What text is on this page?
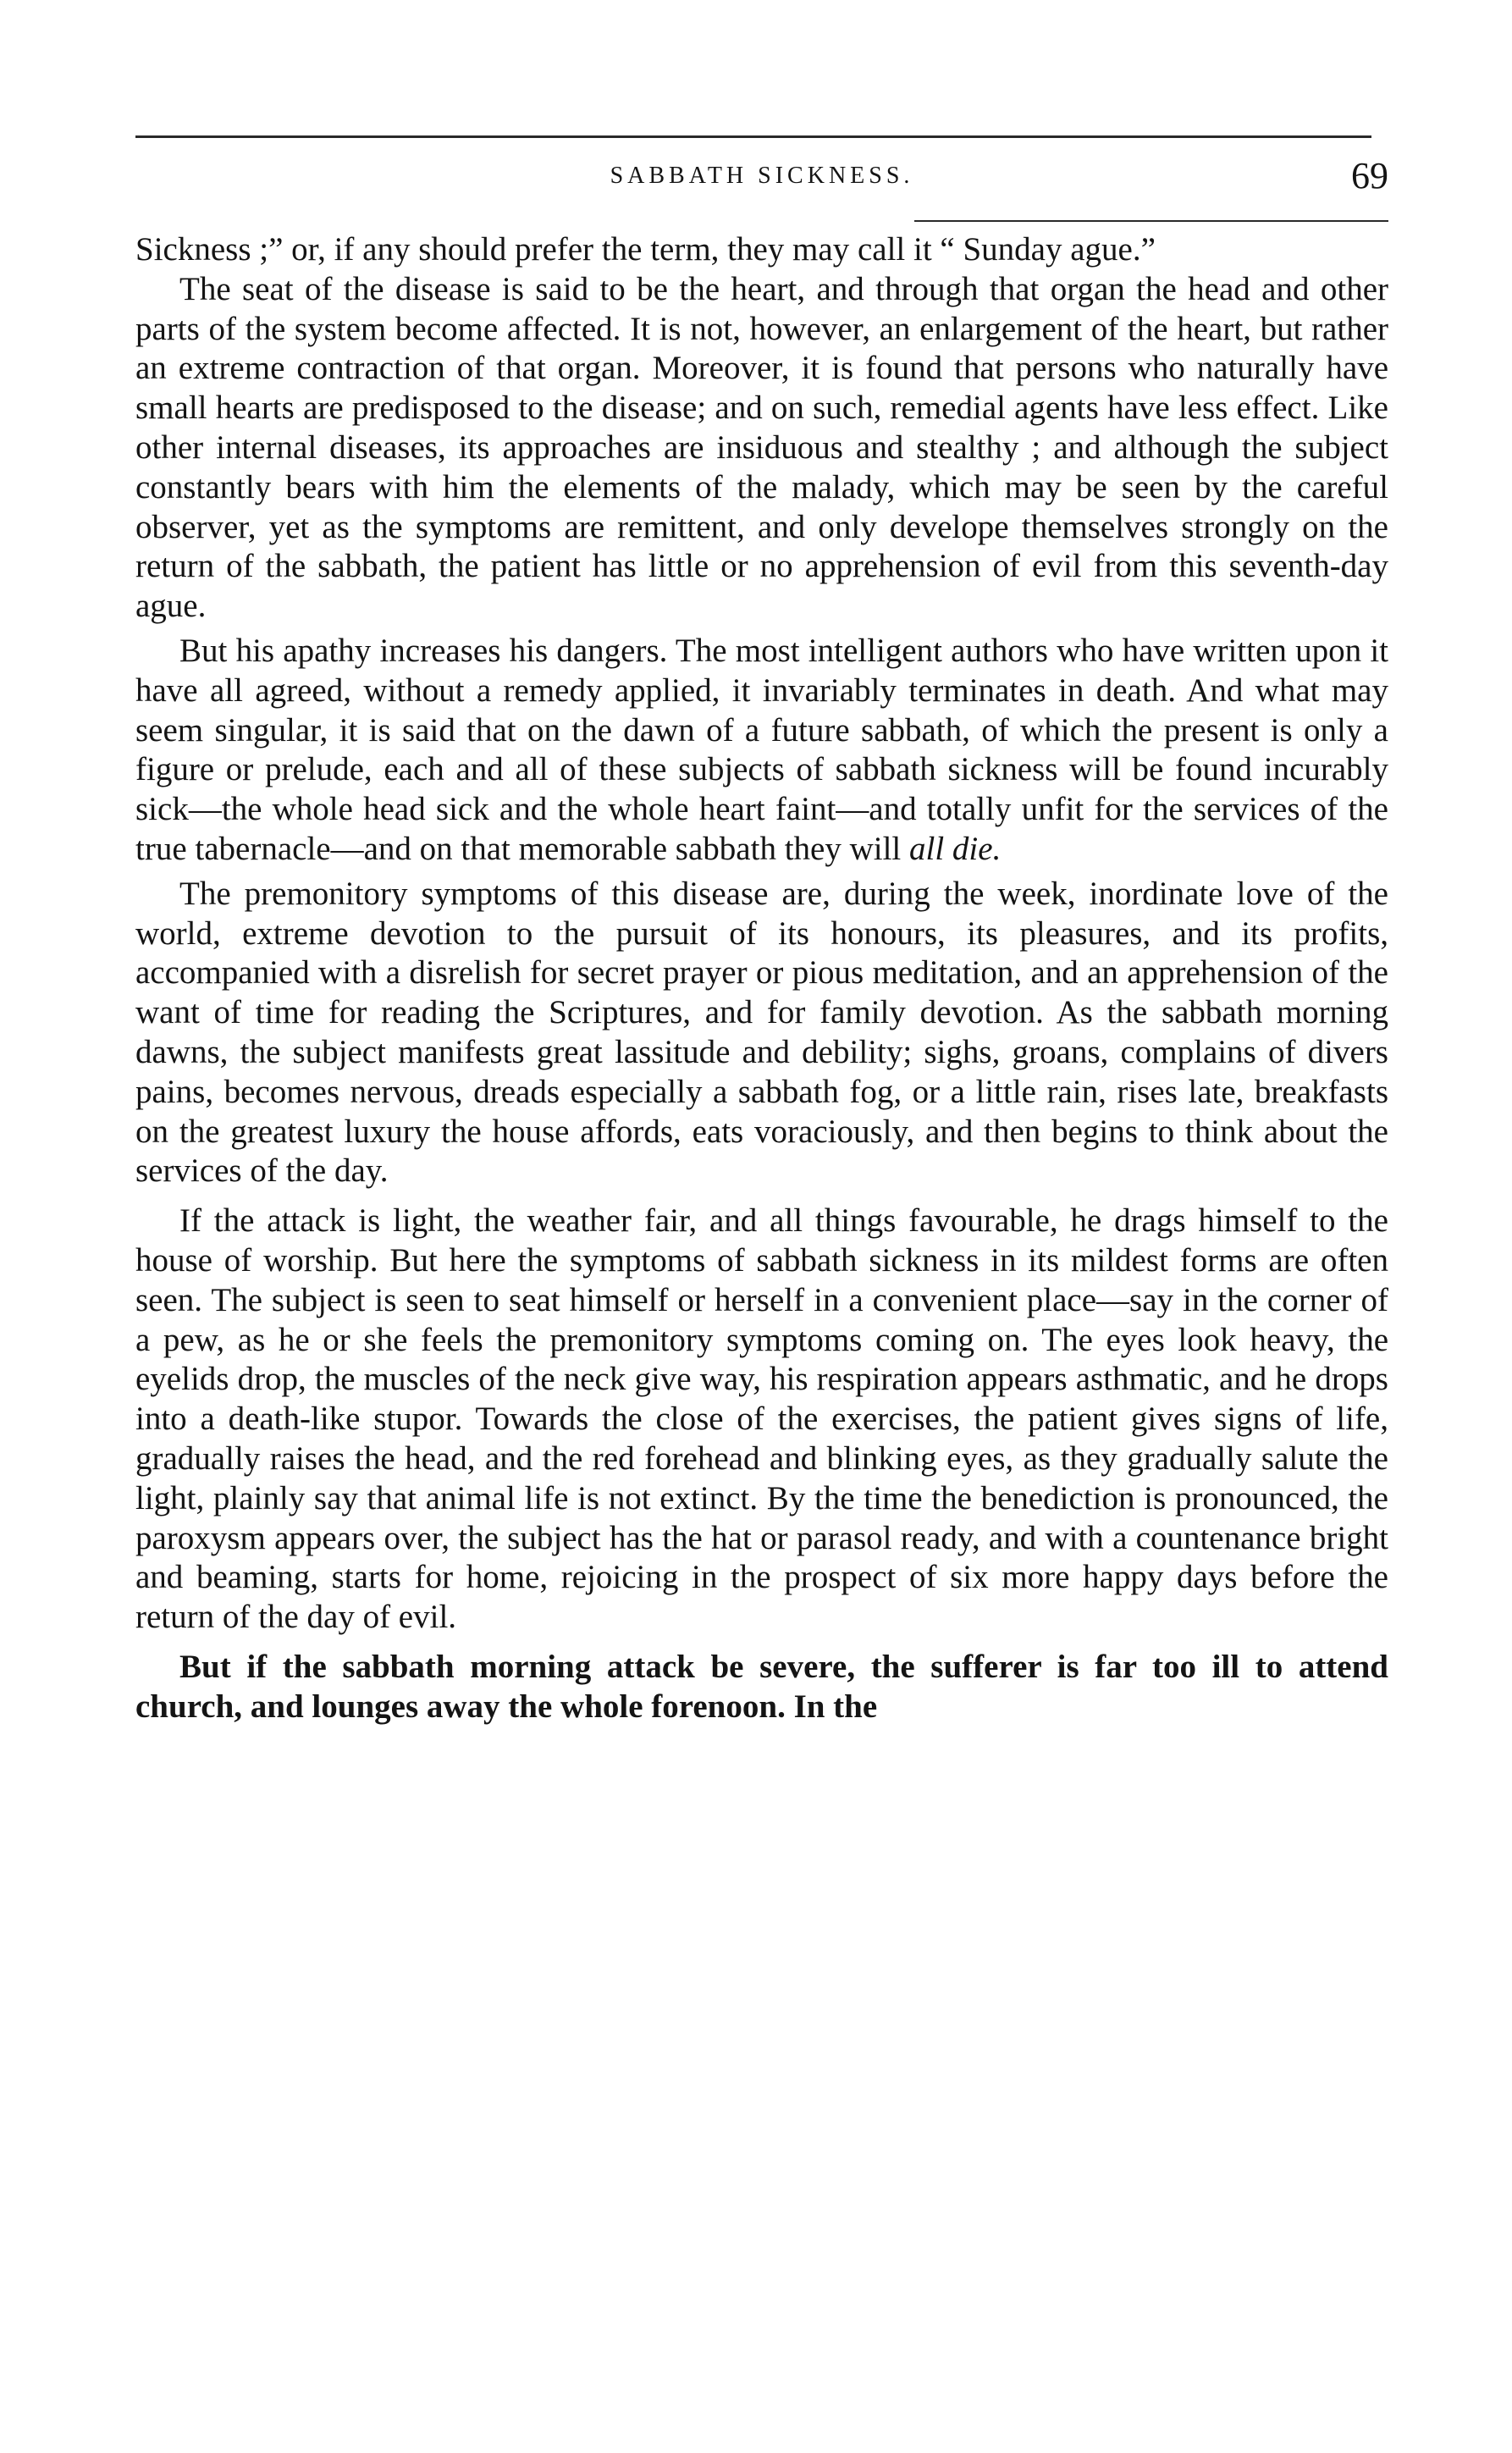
SABBATH SICKNESS.	69

Sickness ;” or, if any should prefer the term, they may call it “ Sunday ague.”

The seat of the disease is said to be the heart, and through that organ the head and other parts of the system become affected. It is not, however, an enlargement of the heart, but rather an extreme contraction of that organ. Moreover, it is found that persons who naturally have small hearts are predisposed to the disease; and on such, remedial agents have less effect. Like other internal diseases, its approaches are insiduous and stealthy ; and although the subject constantly bears with him the elements of the malady, which may be seen by the careful observer, yet as the symptoms are remittent, and only develope themselves strongly on the return of the sabbath, the patient has little or no apprehension of evil from this seventh-day ague.

But his apathy increases his dangers. The most intelligent authors who have written upon it have all agreed, without a remedy applied, it invariably terminates in death. And what may seem singular, it is said that on the dawn of a future sabbath, of which the present is only a figure or prelude, each and all of these subjects of sabbath sickness will be found incurably sick—the whole head sick and the whole heart faint—and totally unfit for the services of the true tabernacle—and on that memorable sabbath they will all die.

The premonitory symptoms of this disease are, during the week, inordinate love of the world, extreme devotion to the pursuit of its honours, its pleasures, and its profits, accompanied with a disrelish for secret prayer or pious meditation, and an apprehension of the want of time for reading the Scriptures, and for family devotion. As the sabbath morning dawns, the subject manifests great lassitude and debility; sighs, groans, complains of divers pains, becomes nervous, dreads especially a sabbath fog, or a little rain, rises late, breakfasts on the greatest luxury the house affords, eats voraciously, and then begins to think about the services of the day.

If the attack is light, the weather fair, and all things favourable, he drags himself to the house of worship. But here the symptoms of sabbath sickness in its mildest forms are often seen. The subject is seen to seat himself or herself in a convenient place—say in the corner of a pew, as he or she feels the premonitory symptoms coming on. The eyes look heavy, the eyelids drop, the muscles of the neck give way, his respiration appears asthmatic, and he drops into a death-like stupor. Towards the close of the exercises, the patient gives signs of life, gradually raises the head, and the red forehead and blinking eyes, as they gradually salute the light, plainly say that animal life is not extinct. By the time the benediction is pronounced, the paroxysm appears over, the subject has the hat or parasol ready, and with a countenance bright and beaming, starts for home, rejoicing in the prospect of six more happy days before the return of the day of evil.

But if the sabbath morning attack be severe, the sufferer is far too ill to attend church, and lounges away the whole forenoon. In the
